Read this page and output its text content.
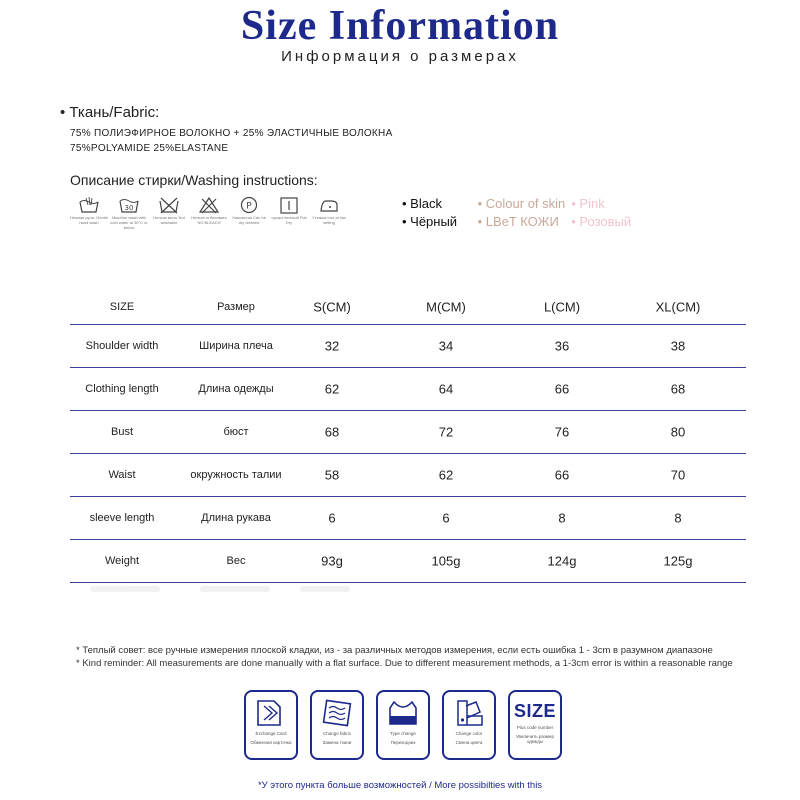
Size Information
Информация о размерах
• Ткань/Fabric:
75% ПОЛИЭФИРНОЕ ВОЛОКНО + 25% ЭЛАСТИЧНЫЕ ВОЛОКНА
75%POLYAMIDE 25%ELASTANE
Описание стирки/Washing instructions:
Нежная ручн. Gentle hand wash
30
Machine wash with cold water at 30°C or below
Нельзя мыть Not washable
Нельзя отбеливать NO BLEACH
P
Химчистка Can be dry cleaned
сушка плоской Flat Dry
Утюжка Iron at low setting
• Black	• Colour of skin • Pink
• Чёрный • LBeT КОЖИ • Розовый
SIZE	Размер	S(CM)	M(CM)	L(CM)	XL(CM)
Shoulder width	Ширина плеча	32	34	36	38
Clothing length	Длина одежды	62	64	66	68
Bust	бюст	68	72	76	80
Waist	окружность талии	58	62	66	70
sleeve length	Длина рукава	6	6	8	8
Weight	Вес	93g	105g	124g	125g
* Теплый совет: все ручные измерения плоской кладки, из - за различных методов измерения, если есть ошибка 1 - 3cm в разумном диапазоне
* Kind reminder: All measurements are done manually with a flat surface. Due to different measurement methods, a 1-3cm error is within a reasonable range
Exchange Card
Обменная карточка
Change fabric
Замена ткани
Type change
Переходник
Change color
Смена цвета
SIZE
Plus code number
Увеличить размер одежды
*У этого пункта больше возможностей / More possibilties with this
